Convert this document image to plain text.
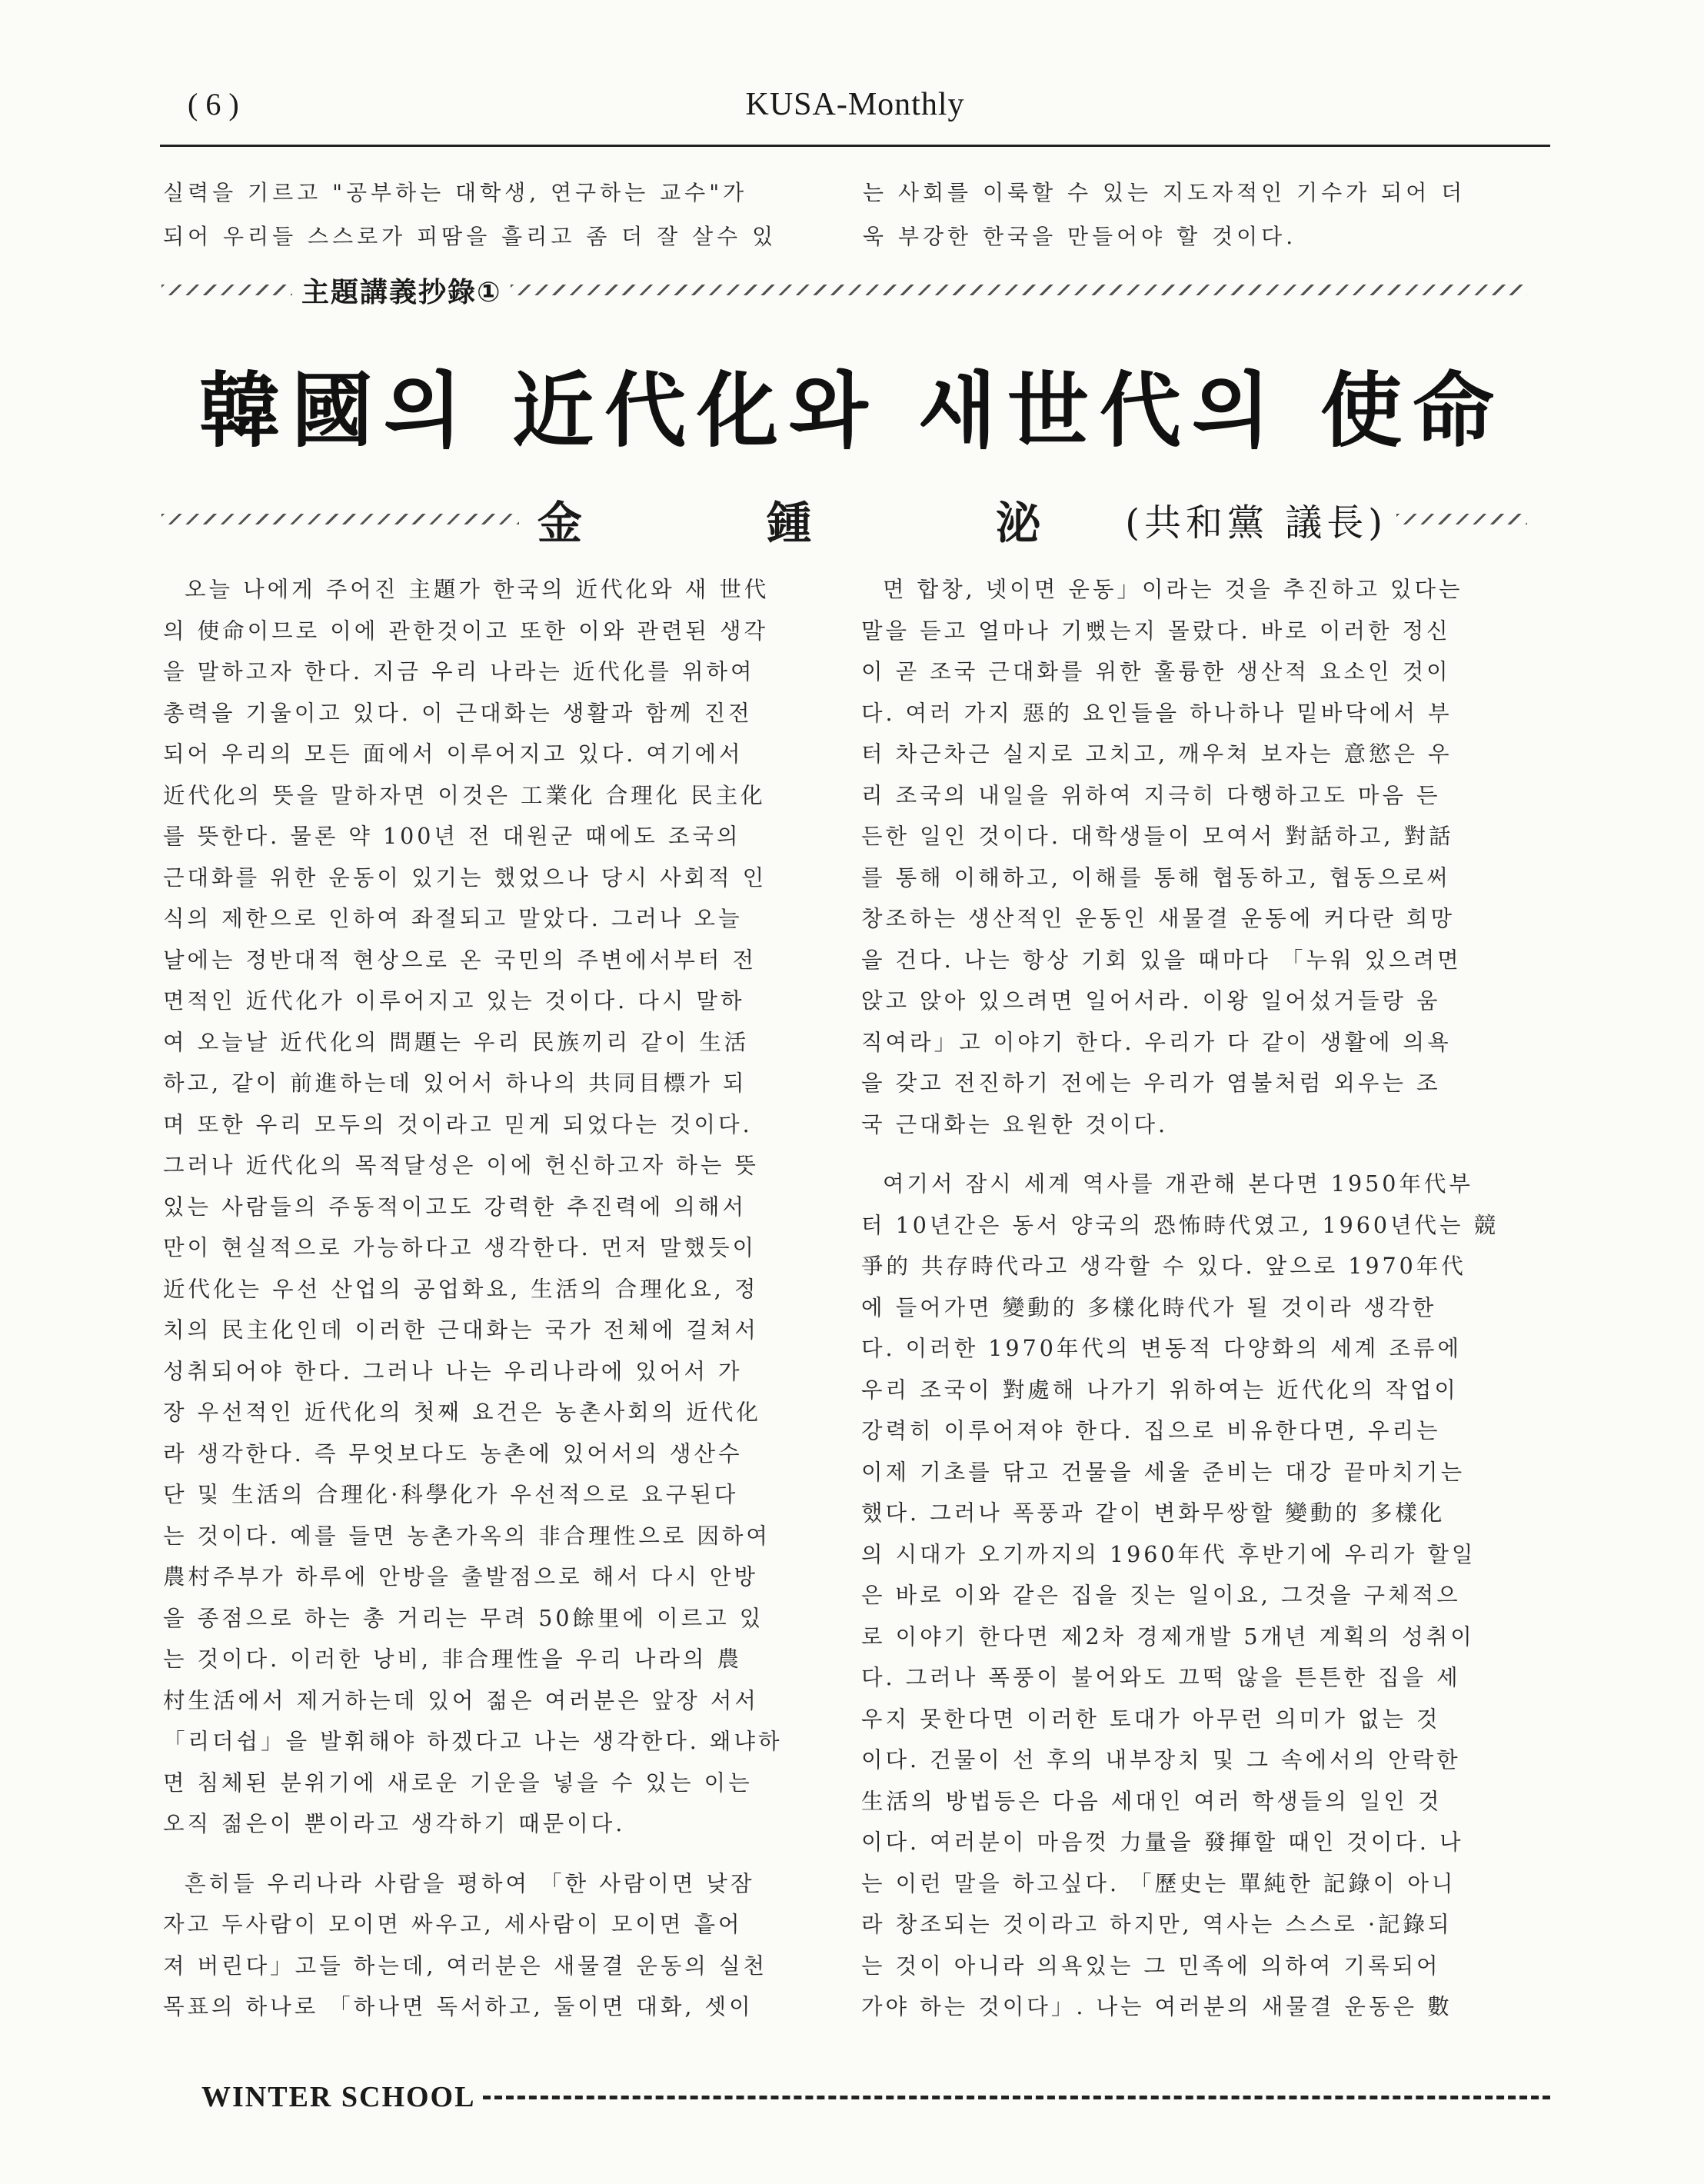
( 6 )	KUSA-Monthly
실력을 기르고 "공부하는 대학생, 연구하는 교수"가
되어 우리들 스스로가 피땀을 흘리고 좀 더 잘 살수 있
는 사회를 이룩할 수 있는 지도자적인 기수가 되어 더
욱 부강한 한국을 만들어야 할 것이다.
主題講義抄錄①
韓國의 近代化와 새世代의 使命
金 鍾 泌 (共和黨 議長)
오늘 나에게 주어진 主題가 한국의 近代化와 새 世代
의 使命이므로 이에 관한것이고 또한 이와 관련된 생각
을 말하고자 한다. 지금 우리 나라는 近代化를 위하여
총력을 기울이고 있다. 이 근대화는 생활과 함께 진전
되어 우리의 모든 面에서 이루어지고 있다. 여기에서
近代化의 뜻을 말하자면 이것은 工業化 合理化 民主化
를 뜻한다. 물론 약 100년 전 대원군 때에도 조국의
근대화를 위한 운동이 있기는 했었으나 당시 사회적 인
식의 제한으로 인하여 좌절되고 말았다. 그러나 오늘
날에는 정반대적 현상으로 온 국민의 주변에서부터 전
면적인 近代化가 이루어지고 있는 것이다. 다시 말하
여 오늘날 近代化의 問題는 우리 民族끼리 같이 生活
하고, 같이 前進하는데 있어서 하나의 共同目標가 되
며 또한 우리 모두의 것이라고 믿게 되었다는 것이다.
그러나 近代化의 목적달성은 이에 헌신하고자 하는 뜻
있는 사람들의 주동적이고도 강력한 추진력에 의해서
만이 현실적으로 가능하다고 생각한다. 먼저 말했듯이
近代化는 우선 산업의 공업화요, 生活의 合理化요, 정
치의 民主化인데 이러한 근대화는 국가 전체에 걸쳐서
성취되어야 한다. 그러나 나는 우리나라에 있어서 가
장 우선적인 近代化의 첫째 요건은 농촌사회의 近代化
라 생각한다. 즉 무엇보다도 농촌에 있어서의 생산수
단 및 生活의 合理化·科學化가 우선적으로 요구된다
는 것이다. 예를 들면 농촌가옥의 非合理性으로 因하여
農村주부가 하루에 안방을 출발점으로 해서 다시 안방
을 종점으로 하는 총 거리는 무려 50餘里에 이르고 있
는 것이다. 이러한 낭비, 非合理性을 우리 나라의 農
村生活에서 제거하는데 있어 젊은 여러분은 앞장 서서
「리더쉽」을 발휘해야 하겠다고 나는 생각한다. 왜냐하
면 침체된 분위기에 새로운 기운을 넣을 수 있는 이는
오직 젊은이 뿐이라고 생각하기 때문이다.
흔히들 우리나라 사람을 평하여 「한 사람이면 낮잠
자고 두사람이 모이면 싸우고, 세사람이 모이면 흩어
져 버린다」고들 하는데, 여러분은 새물결 운동의 실천
목표의 하나로 「하나면 독서하고, 둘이면 대화, 셋이
면 합창, 넷이면 운동」이라는 것을 추진하고 있다는
말을 듣고 얼마나 기뻤는지 몰랐다. 바로 이러한 정신
이 곧 조국 근대화를 위한 훌륭한 생산적 요소인 것이
다. 여러 가지 惡的 요인들을 하나하나 밑바닥에서 부
터 차근차근 실지로 고치고, 깨우쳐 보자는 意慾은 우
리 조국의 내일을 위하여 지극히 다행하고도 마음 든
든한 일인 것이다. 대학생들이 모여서 對話하고, 對話
를 통해 이해하고, 이해를 통해 협동하고, 협동으로써
창조하는 생산적인 운동인 새물결 운동에 커다란 희망
을 건다. 나는 항상 기회 있을 때마다 「누워 있으려면
앉고 앉아 있으려면 일어서라. 이왕 일어섰거들랑 움
직여라」고 이야기 한다. 우리가 다 같이 생활에 의욕
을 갖고 전진하기 전에는 우리가 염불처럼 외우는 조
국 근대화는 요원한 것이다.
여기서 잠시 세계 역사를 개관해 본다면 1950年代부
터 10년간은 동서 양국의 恐怖時代였고, 1960년代는 競
爭的 共存時代라고 생각할 수 있다. 앞으로 1970年代
에 들어가면 變動的 多樣化時代가 될 것이라 생각한
다. 이러한 1970年代의 변동적 다양화의 세계 조류에
우리 조국이 對處해 나가기 위하여는 近代化의 작업이
강력히 이루어져야 한다. 집으로 비유한다면, 우리는
이제 기초를 닦고 건물을 세울 준비는 대강 끝마치기는
했다. 그러나 폭풍과 같이 변화무쌍할 變動的 多樣化
의 시대가 오기까지의 1960年代 후반기에 우리가 할일
은 바로 이와 같은 집을 짓는 일이요, 그것을 구체적으
로 이야기 한다면 제2차 경제개발 5개년 계획의 성취이
다. 그러나 폭풍이 불어와도 끄떡 않을 튼튼한 집을 세
우지 못한다면 이러한 토대가 아무런 의미가 없는 것
이다. 건물이 선 후의 내부장치 및 그 속에서의 안락한
生活의 방법등은 다음 세대인 여러 학생들의 일인 것
이다. 여러분이 마음껏 力量을 發揮할 때인 것이다. 나
는 이런 말을 하고싶다. 「歷史는 單純한 記錄이 아니
라 창조되는 것이라고 하지만, 역사는 스스로 ·記錄되
는 것이 아니라 의욕있는 그 민족에 의하여 기록되어
가야 하는 것이다」. 나는 여러분의 새물결 운동은 數
WINTER SCHOOL
